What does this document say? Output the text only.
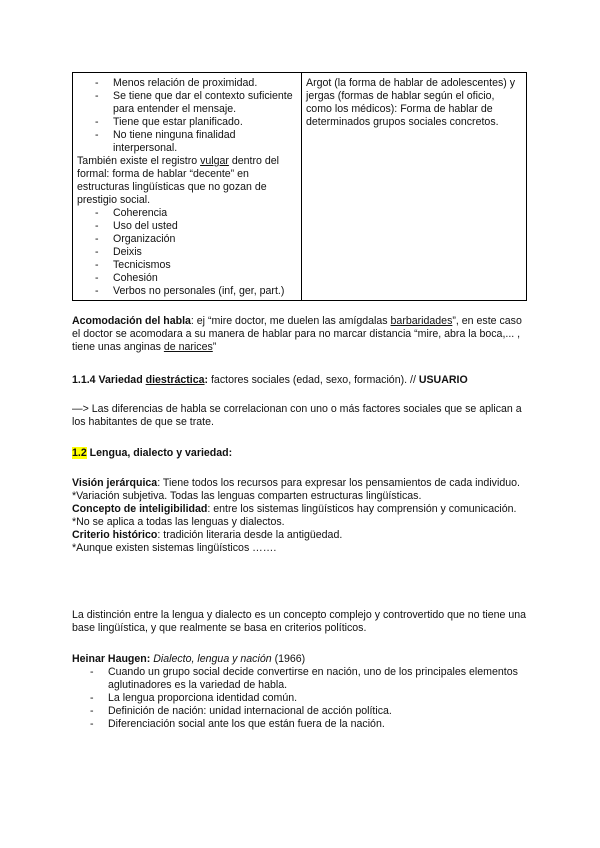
- Menos relación de proximidad.
- Se tiene que dar el contexto suficiente para entender el mensaje.
- Tiene que estar planificado.
- No tiene ninguna finalidad interpersonal.
También existe el registro vulgar dentro del formal: forma de hablar “decente” en estructuras lingüísticas que no gozan de prestigio social.
- Coherencia
- Uso del usted
- Organización
- Deixis
- Tecnicismos
- Cohesión
- Verbos no personales (inf, ger, part.)

Argot (la forma de hablar de adolescentes) y jergas (formas de hablar según el oficio, como los médicos): Forma de hablar de determinados grupos sociales concretos.
Acomodación del habla: ej “mire doctor, me duelen las amígdalas barbaridades”, en este caso el doctor se acomodara a su manera de hablar para no marcar distancia “mire, abra la boca,... , tiene unas anginas de narices”
1.1.4 Variedad diestráctica: factores sociales (edad, sexo, formación). // USUARIO
—> Las diferencias de habla se correlacionan con uno o más factores sociales que se aplican a los habitantes de que se trate.
1.2 Lengua, dialecto y variedad:
Visión jerárquica: Tiene todos los recursos para expresar los pensamientos de cada individuo.
*Variación subjetiva. Todas las lenguas comparten estructuras lingüísticas.
Concepto de inteligibilidad: entre los sistemas lingüísticos hay comprensión y comunicación.
*No se aplica a todas las lenguas y dialectos.
Criterio histórico: tradición literaria desde la antigüedad.
*Aunque existen sistemas lingüísticos …….
La distinción entre la lengua y dialecto es un concepto complejo y controvertido que no tiene una base lingüística, y que realmente se basa en criterios políticos.
Heinar Haugen: Dialecto, lengua y nación (1966)
- Cuando un grupo social decide convertirse en nación, uno de los principales elementos aglutinadores es la variedad de habla.
- La lengua proporciona identidad común.
- Definición de nación: unidad internacional de acción política.
- Diferenciación social ante los que están fuera de la nación.
